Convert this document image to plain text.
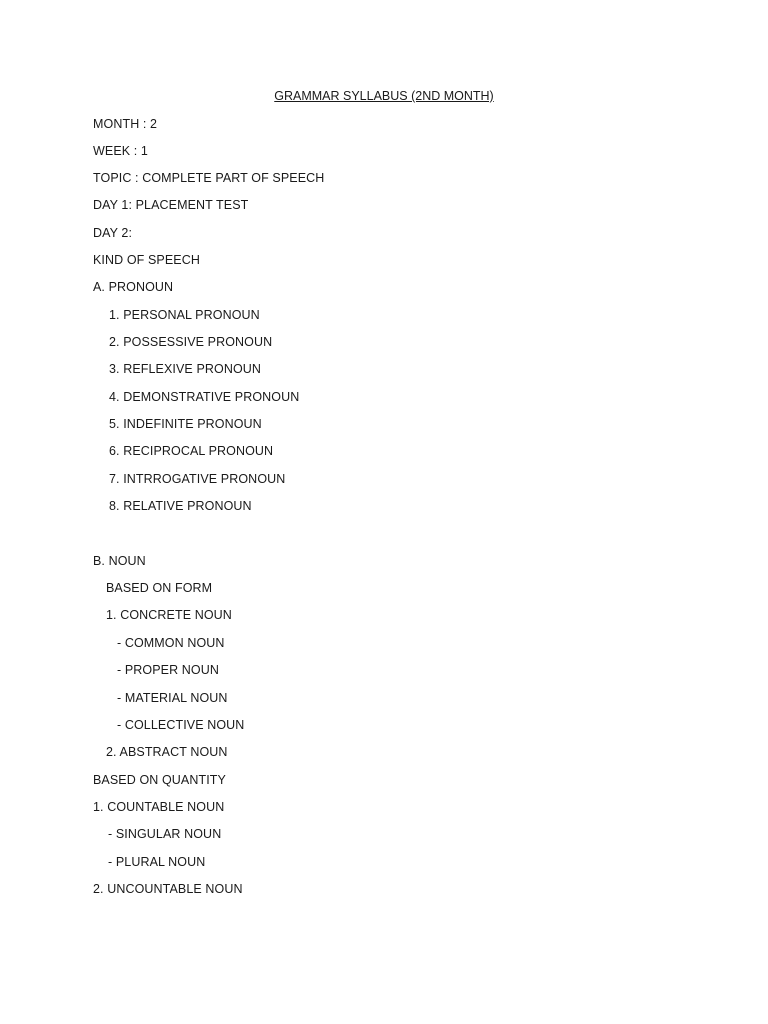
GRAMMAR SYLLABUS (2ND MONTH)
MONTH : 2
WEEK : 1
TOPIC : COMPLETE PART OF SPEECH
DAY 1: PLACEMENT TEST
DAY 2:
KIND OF SPEECH
A. PRONOUN
1. PERSONAL PRONOUN
2. POSSESSIVE PRONOUN
3. REFLEXIVE PRONOUN
4. DEMONSTRATIVE PRONOUN
5. INDEFINITE PRONOUN
6. RECIPROCAL PRONOUN
7. INTRROGATIVE PRONOUN
8. RELATIVE PRONOUN
B. NOUN
BASED ON FORM
1. CONCRETE NOUN
- COMMON NOUN
- PROPER NOUN
- MATERIAL NOUN
- COLLECTIVE NOUN
2. ABSTRACT NOUN
BASED ON QUANTITY
1. COUNTABLE NOUN
- SINGULAR NOUN
- PLURAL NOUN
2. UNCOUNTABLE NOUN
